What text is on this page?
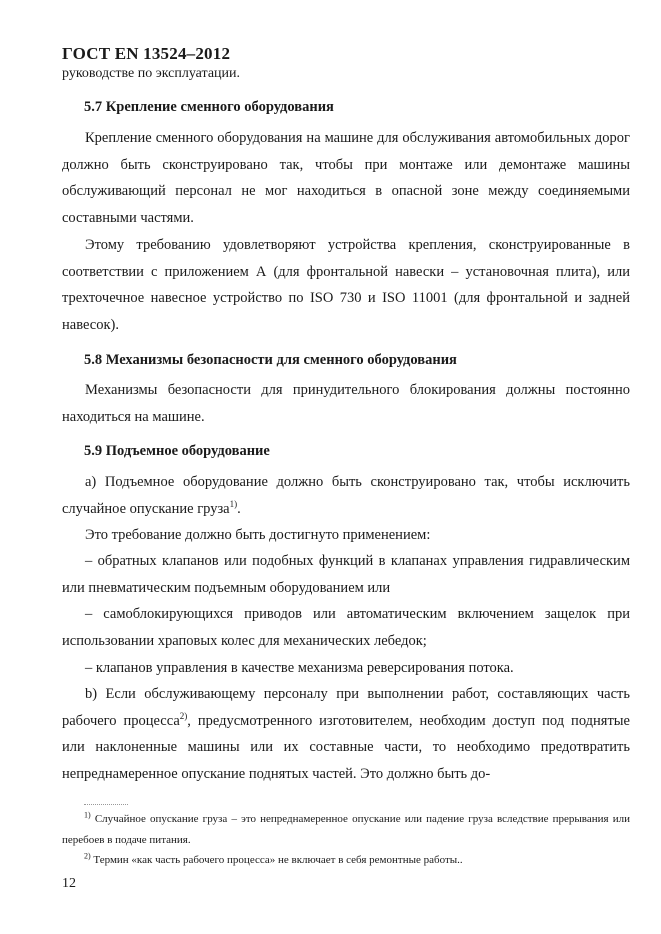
ГОСТ EN 13524–2012
руководстве по эксплуатации.
5.7 Крепление сменного оборудования

Крепление сменного оборудования на машине для обслуживания автомобильных дорог должно быть сконструировано так, чтобы при монтаже или демонтаже машины обслуживающий персонал не мог находиться в опасной зоне между соединяемыми составными частями.

Этому требованию удовлетворяют устройства крепления, сконструированные в соответствии с приложением А (для фронтальной навески – установочная плита), или трехточечное навесное устройство по ISO 730 и ISO 11001 (для фронтальной и задней навесок).

5.8 Механизмы безопасности для сменного оборудования

Механизмы безопасности для принудительного блокирования должны постоянно находиться на машине.

5.9 Подъемное оборудование

а) Подъемное оборудование должно быть сконструировано так, чтобы исключить случайное опускание груза$^{1)}$.

Это требование должно быть достигнуто применением:

– обратных клапанов или подобных функций в клапанах управления гидравлическим или пневматическим подъемным оборудованием или

– самоблокирующихся приводов или автоматическим включением защелок при использовании храповых колес для механических лебедок;

– клапанов управления в качестве механизма реверсирования потока.

b) Если обслуживающему персоналу при выполнении работ, составляющих часть рабочего процесса$^{2)}$, предусмотренного изготовителем, необходим доступ под поднятые или наклоненные машины или их составные части, то необходимо предотвратить непреднамеренное опускание поднятых частей. Это должно быть до-

$^{1)}$ Случайное опускание груза – это непреднамеренное опускание или падение груза вследствие прерывания или перебоев в подаче питания.

$^{2)}$ Термин «как часть рабочего процесса» не включает в себя ремонтные работы..

12
